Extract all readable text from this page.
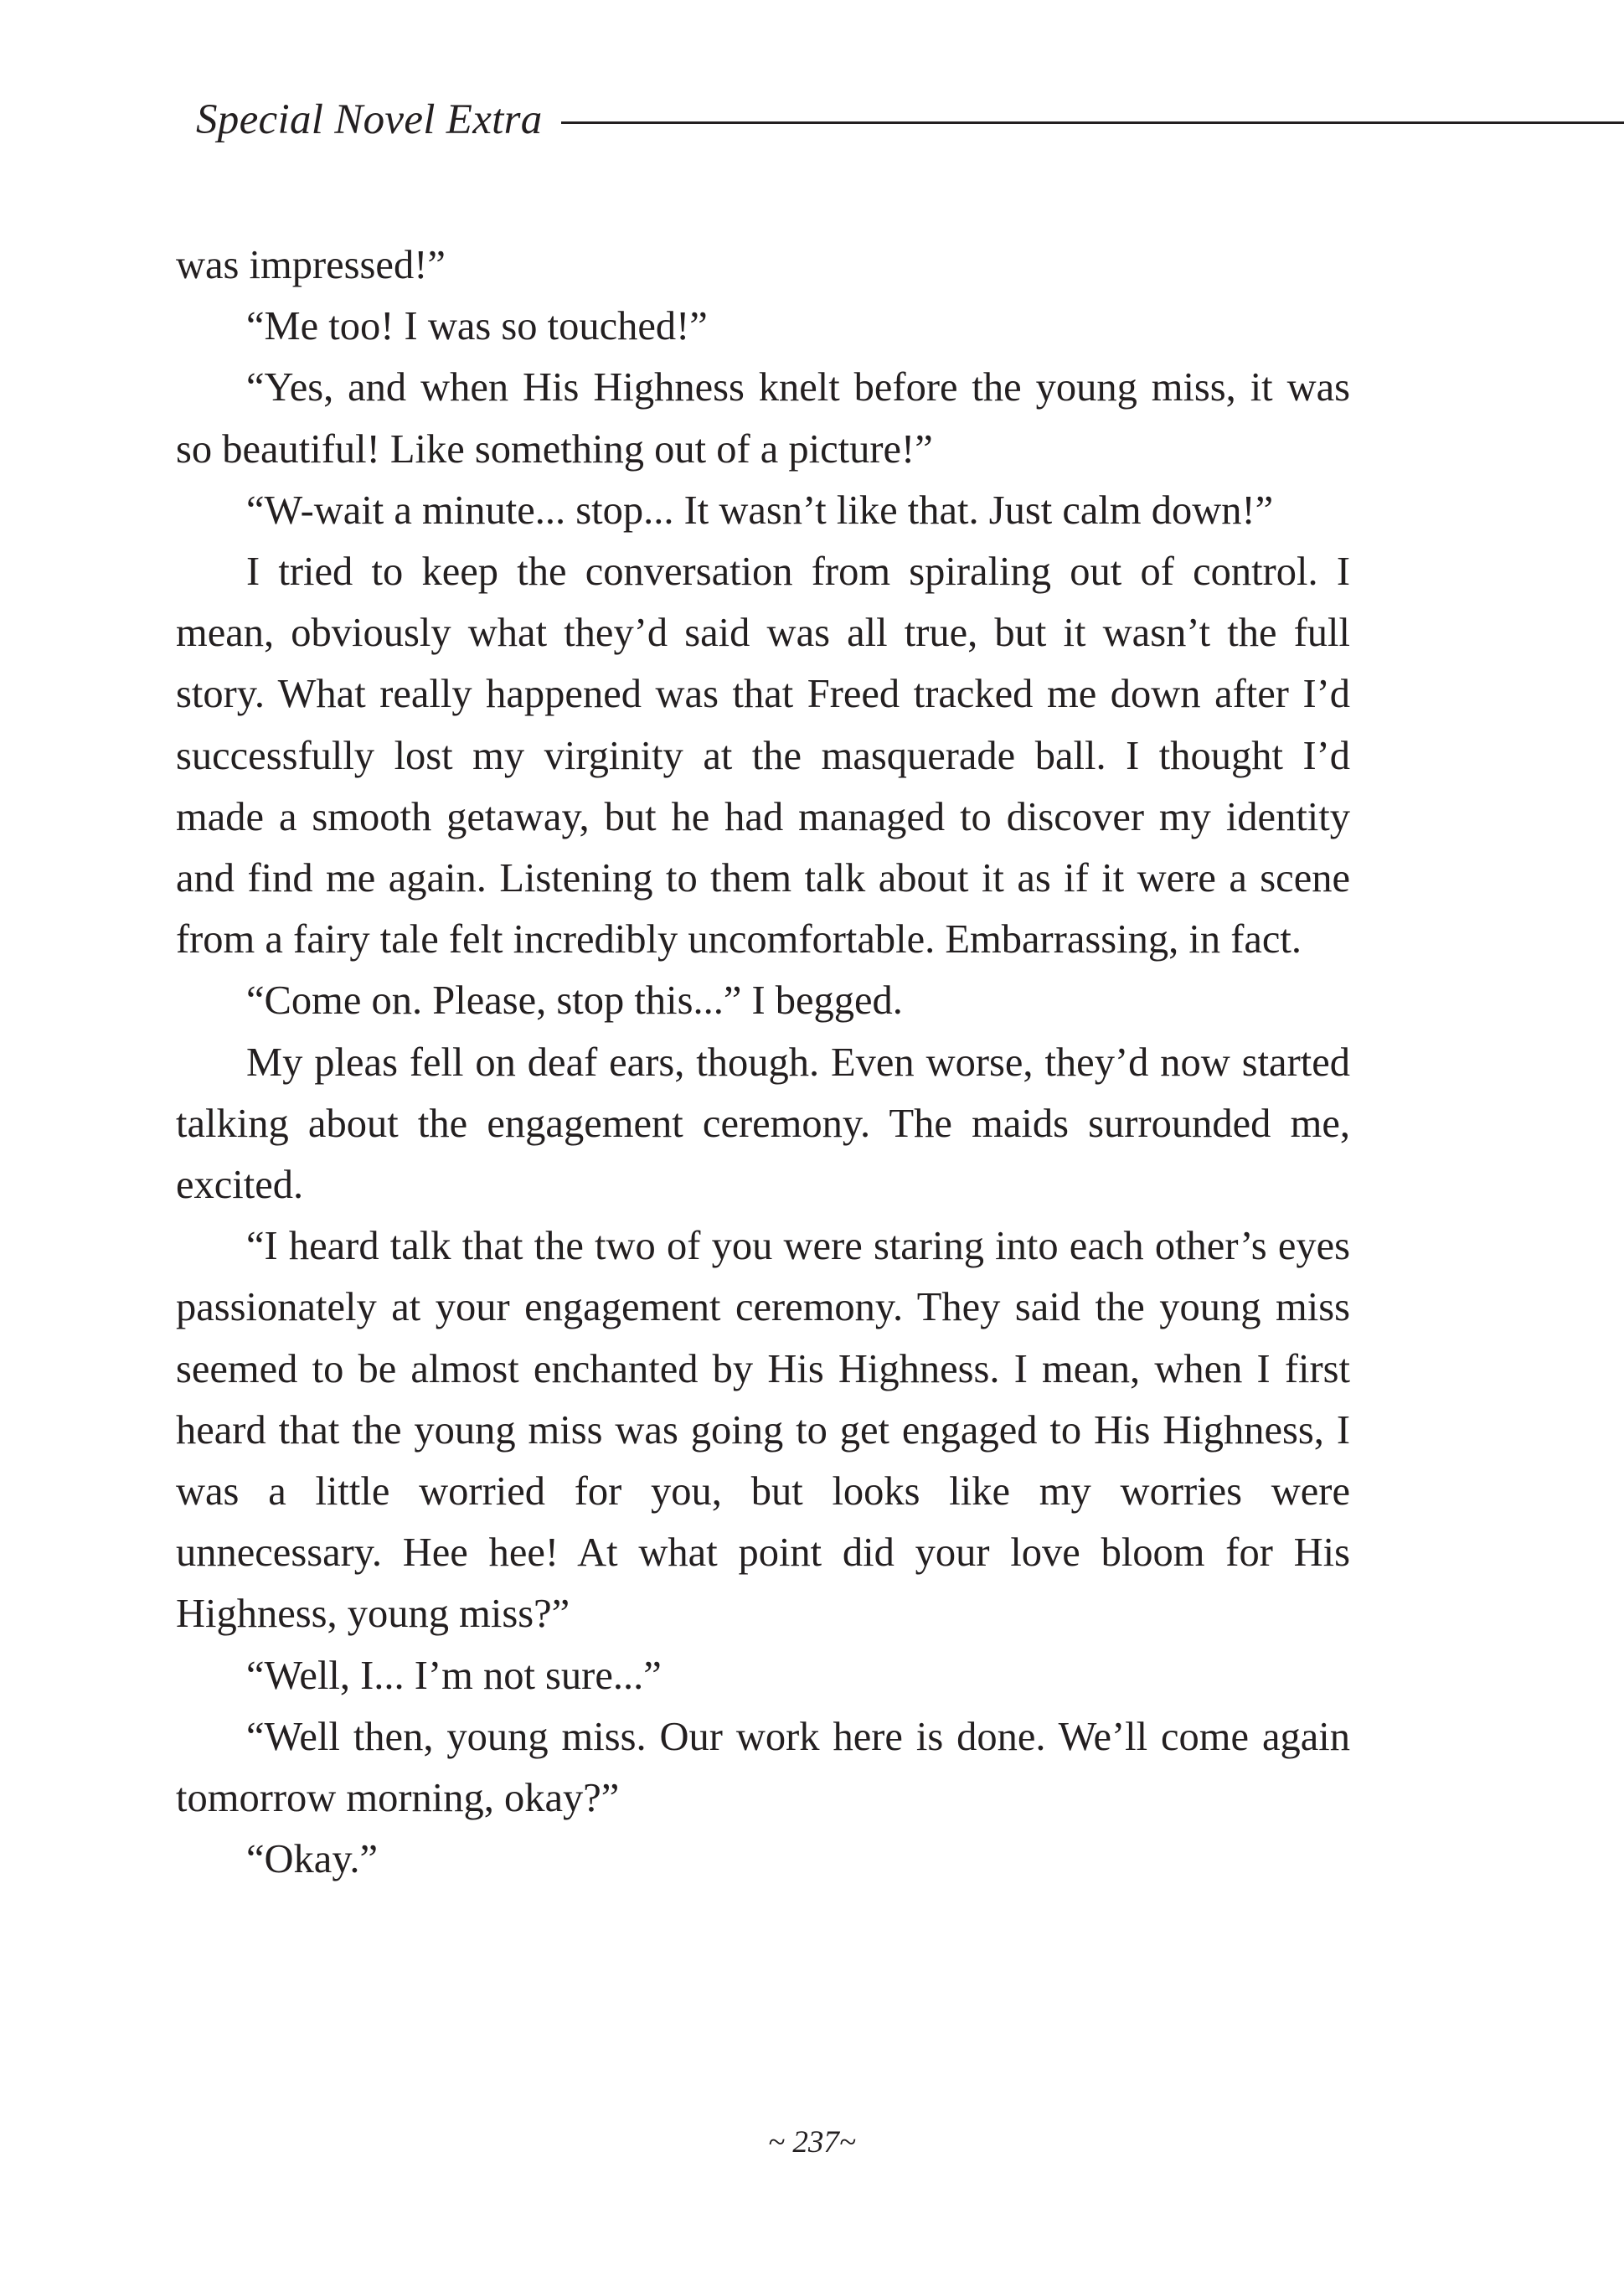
Special Novel Extra

was impressed!”

“Me too! I was so touched!”

“Yes, and when His Highness knelt before the young miss, it was so beautiful! Like something out of a picture!”

“W-wait a minute... stop... It wasn’t like that. Just calm down!”

I tried to keep the conversation from spiraling out of control. I mean, obviously what they’d said was all true, but it wasn’t the full story. What really happened was that Freed tracked me down after I’d successfully lost my virginity at the masquerade ball. I thought I’d made a smooth getaway, but he had managed to discover my identity and find me again. Listening to them talk about it as if it were a scene from a fairy tale felt incredibly uncomfortable. Embarrassing, in fact.

“Come on. Please, stop this...” I begged.

My pleas fell on deaf ears, though. Even worse, they’d now started talking about the engagement ceremony. The maids surrounded me, excited.

“I heard talk that the two of you were staring into each other’s eyes passionately at your engagement ceremony. They said the young miss seemed to be almost enchanted by His Highness. I mean, when I first heard that the young miss was going to get engaged to His Highness, I was a little worried for you, but looks like my worries were unnecessary. Hee hee! At what point did your love bloom for His Highness, young miss?”

“Well, I... I’m not sure...”

“Well then, young miss. Our work here is done. We’ll come again tomorrow morning, okay?”

“Okay.”

~ 237~
